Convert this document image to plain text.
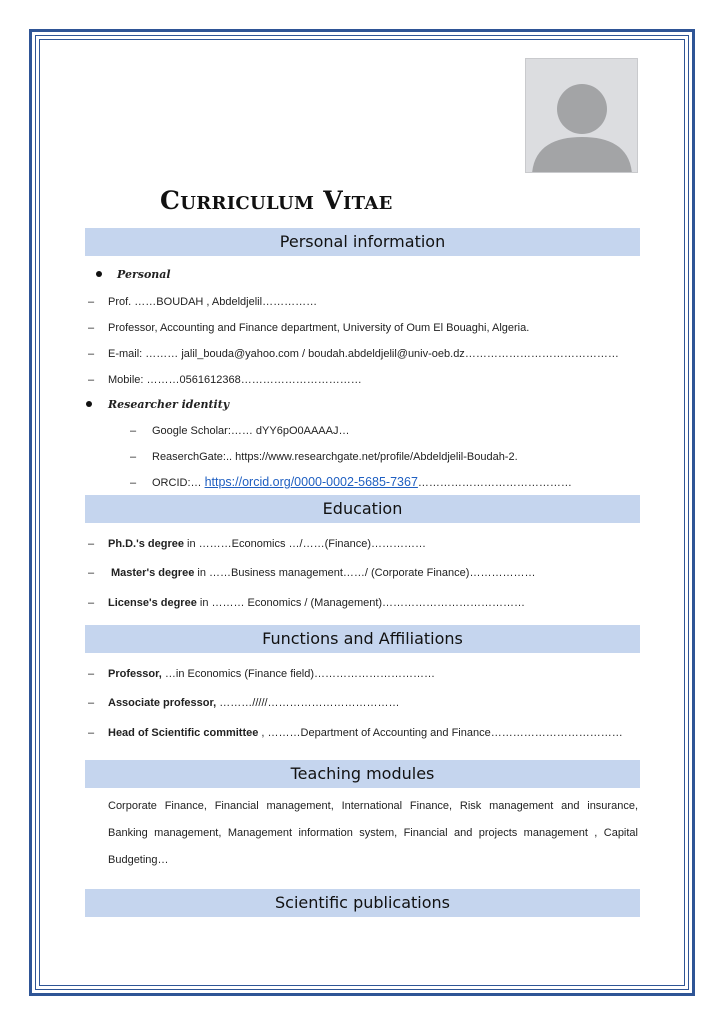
Curriculum Vitae
Personal information
Personal
– Prof. ……BOUDAH , Abdeldjelil……………
– Professor, Accounting and Finance department, University of Oum El Bouaghi, Algeria.
– E-mail: ……… jalil_bouda@yahoo.com / boudah.abdeldjelil@univ-oeb.dz……………………………………
– Mobile: ………0561612368……………………………
Researcher identity
– Google Scholar:…… dYY6pO0AAAAJ…
– ReaserchGate:.. https://www.researchgate.net/profile/Abdeldjelil-Boudah-2.
– ORCID:… https://orcid.org/0000-0002-5685-7367……………………………………
Education
– Ph.D.'s degree in ………Economics …/……(Finance)……………
– Master's degree in ……Business management……/ (Corporate Finance)………………
– License's degree in ……… Economics / (Management)…………………………………
Functions and Affiliations
– Professor, …in Economics (Finance field)……………………………
– Associate professor, ………/////………………………………
– Head of Scientific committee , ………Department of Accounting and Finance………………………………
Teaching modules
Corporate Finance, Financial management, International Finance, Risk management and insurance, Banking management, Management information system, Financial and projects management , Capital Budgeting…
Scientific publications
